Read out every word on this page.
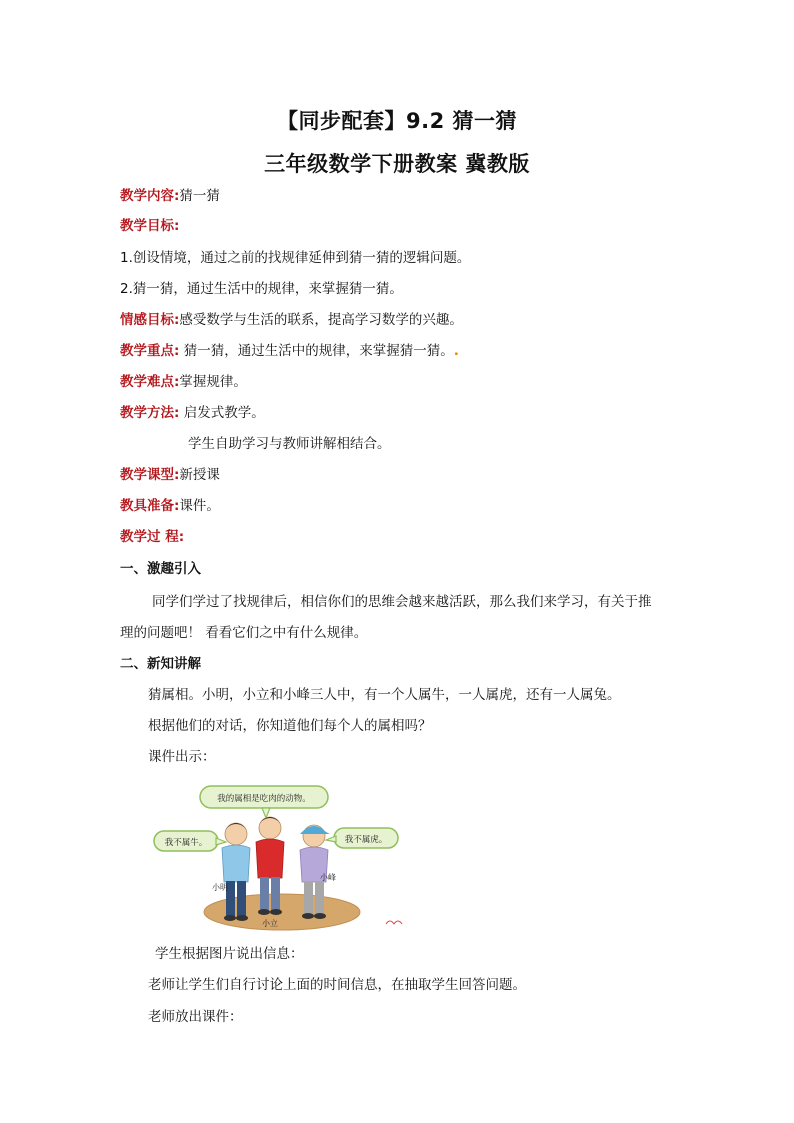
【同步配套】9.2 猜一猜
三年级数学下册教案 冀教版
教学内容:猜一猜
教学目标:
1.创设情境，通过之前的找规律延伸到猜一猜的逻辑问题。
2.猜一猜，通过生活中的规律，来掌握猜一猜。
情感目标:感受数学与生活的联系，提高学习数学的兴趣。
教学重点: 猜一猜，通过生活中的规律，来掌握猜一猜。.
教学难点:掌握规律。
教学方法: 启发式教学。
学生自助学习与教师讲解相结合。
教学课型:新授课
教具准备:课件。
教学过 程:
一、激趣引入
同学们学过了找规律后，相信你们的思维会越来越活跃，那么我们来学习，有关于推
理的问题吧！ 看看它们之中有什么规律。
二、新知讲解
猜属相。小明，小立和小峰三人中，有一个人属牛，一人属虎，还有一人属兔。
根据他们的对话，你知道他们每个人的属相吗？
课件出示：
我的属相是吃肉的动物。
我不属牛。	我不属虎。
小明
小立
小峰
学生根据图片说出信息：
老师让学生们自行讨论上面的时间信息，在抽取学生回答问题。
老师放出课件：
